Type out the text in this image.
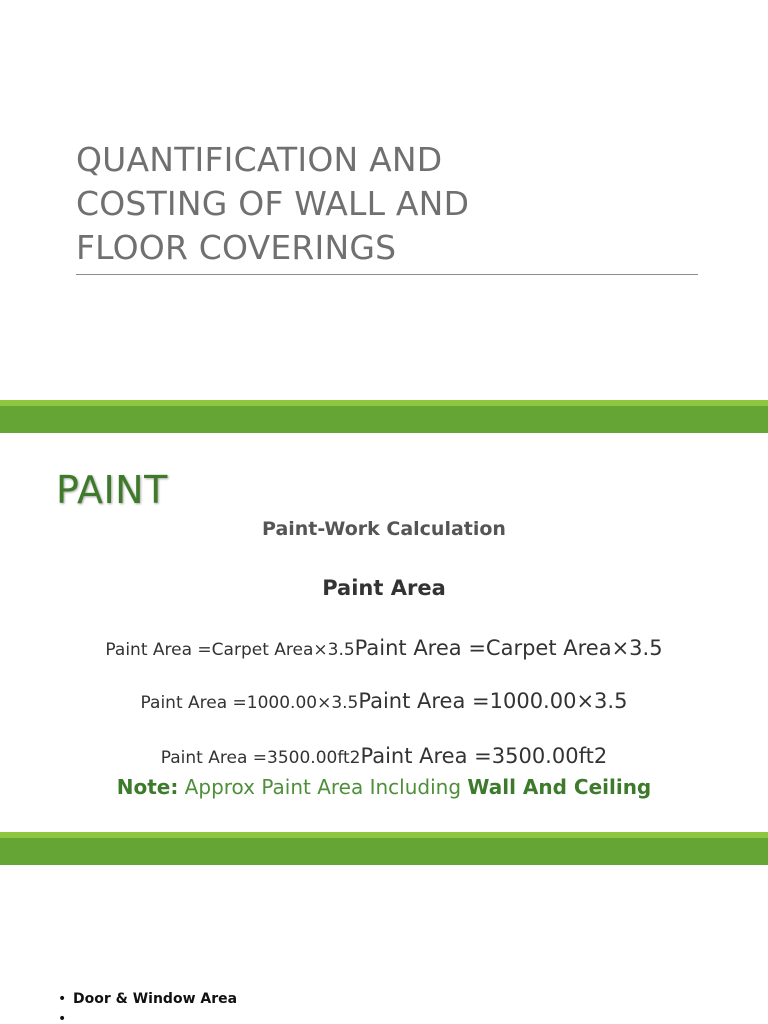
QUANTIFICATION AND
COSTING OF WALL AND
FLOOR COVERINGS
PAINT

Paint-Work Calculation

Paint Area

Paint Area =Carpet Area×3.5Paint Area =Carpet Area×3.5

Paint Area =1000.00×3.5Paint Area =1000.00×3.5

Paint Area =3500.00ft2Paint Area =3500.00ft2

Note: Approx Paint Area Including Wall And Ceiling

• Door & Window Area
•
